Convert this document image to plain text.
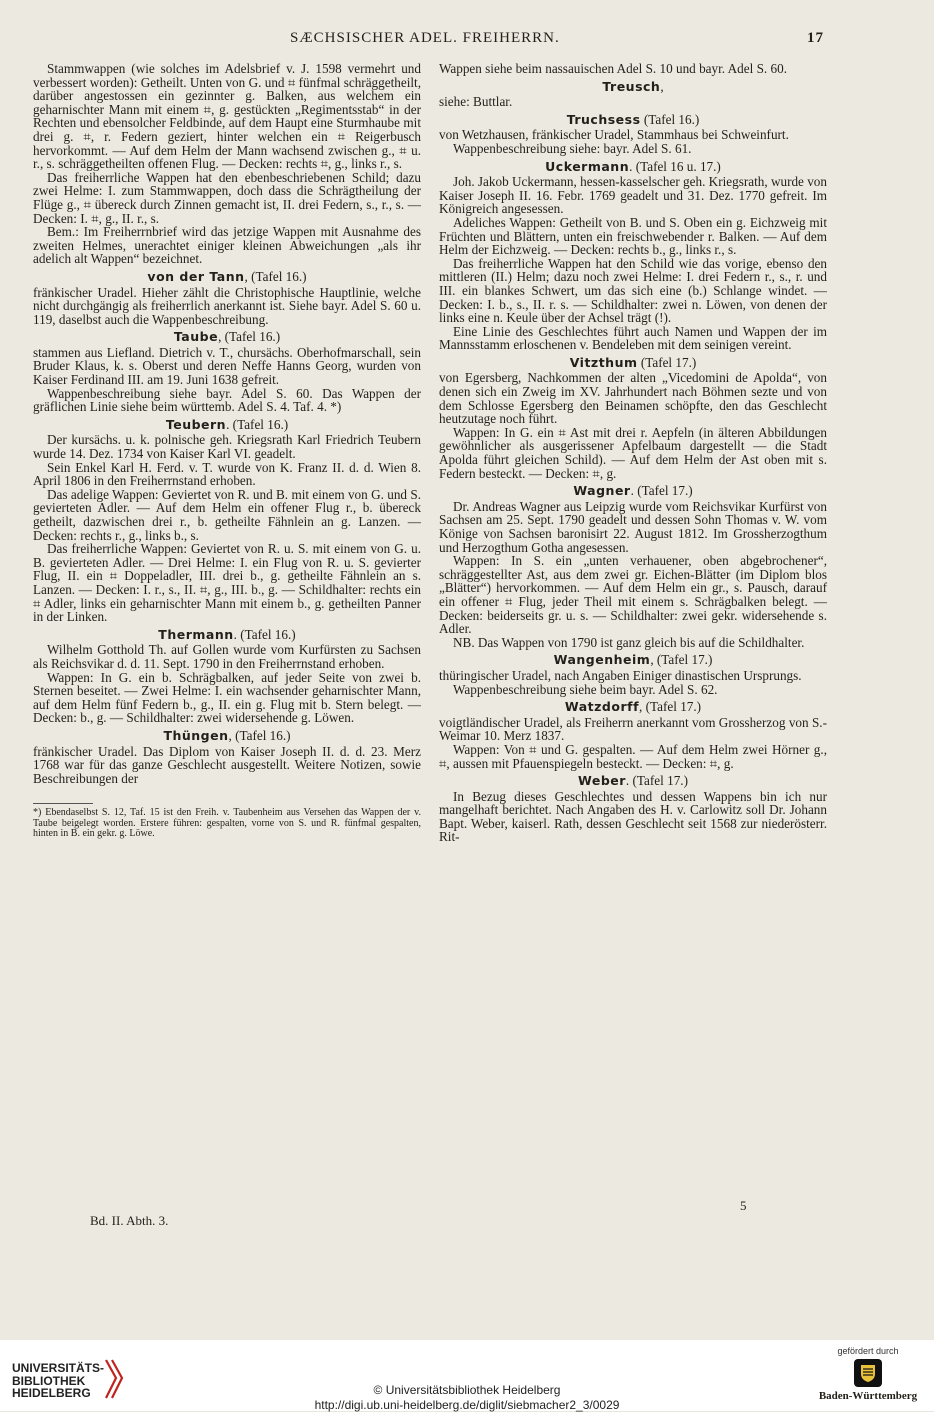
SÆCHSISCHER ADEL. FREIHERRN.	17

Stammwappen (wie solches im Adelsbrief v. J. 1598 vermehrt und verbessert worden): Getheilt. Unten von G. und ⌗ fünfmal schräggetheilt, darüber angestossen ein gezinnter g. Balken, aus welchem ein geharnischter Mann mit einem ⌗, g. gestückten „Regimentsstab“ in der Rechten und ebensolcher Feldbinde, auf dem Haupt eine Sturmhaube mit drei g. ⌗, r. Federn geziert, hinter welchen ein ⌗ Reigerbusch hervorkommt. — Auf dem Helm der Mann wachsend zwischen g., ⌗ u. r., s. schräggetheilten offenen Flug. — Decken: rechts ⌗, g., links r., s.

Das freiherrliche Wappen hat den ebenbeschriebenen Schild; dazu zwei Helme: I. zum Stammwappen, doch dass die Schrägtheilung der Flüge g., ⌗ übereck durch Zinnen gemacht ist, II. drei Federn, s., r., s. — Decken: I. ⌗, g., II. r., s.

Bem.: Im Freiherrnbrief wird das jetzige Wappen mit Ausnahme des zweiten Helmes, unerachtet einiger kleinen Abweichungen „als ihr adelich alt Wappen“ bezeichnet.

von der Tann, (Tafel 16.)

fränkischer Uradel. Hieher zählt die Christophische Hauptlinie, welche nicht durchgängig als freiherrlich anerkannt ist. Siehe bayr. Adel S. 60 u. 119, daselbst auch die Wappenbeschreibung.

Taube, (Tafel 16.)

stammen aus Liefland. Dietrich v. T., chursächs. Oberhofmarschall, sein Bruder Klaus, k. s. Oberst und deren Neffe Hanns Georg, wurden von Kaiser Ferdinand III. am 19. Juni 1638 gefreit.

Wappenbeschreibung siehe bayr. Adel S. 60. Das Wappen der gräflichen Linie siehe beim württemb. Adel S. 4. Taf. 4. *)

Teubern. (Tafel 16.)

Der kursächs. u. k. polnische geh. Kriegsrath Karl Friedrich Teubern wurde 14. Dez. 1734 von Kaiser Karl VI. geadelt.

Sein Enkel Karl H. Ferd. v. T. wurde von K. Franz II. d. d. Wien 8. April 1806 in den Freiherrnstand erhoben.

Das adelige Wappen: Geviertet von R. und B. mit einem von G. und S. gevierteten Adler. — Auf dem Helm ein offener Flug r., b. übereck getheilt, dazwischen drei r., b. getheilte Fähnlein an g. Lanzen. — Decken: rechts r., g., links b., s.

Das freiherrliche Wappen: Geviertet von R. u. S. mit einem von G. u. B. gevierteten Adler. — Drei Helme: I. ein Flug von R. u. S. gevierter Flug, II. ein ⌗ Doppeladler, III. drei b., g. getheilte Fähnlein an s. Lanzen. — Decken: I. r., s., II. ⌗, g., III. b., g. — Schildhalter: rechts ein ⌗ Adler, links ein geharnischter Mann mit einem b., g. getheilten Panner in der Linken.

Thermann. (Tafel 16.)

Wilhelm Gotthold Th. auf Gollen wurde vom Kurfürsten zu Sachsen als Reichsvikar d. d. 11. Sept. 1790 in den Freiherrnstand erhoben.

Wappen: In G. ein b. Schrägbalken, auf jeder Seite von zwei b. Sternen beseitet. — Zwei Helme: I. ein wachsender geharnischter Mann, auf dem Helm fünf Federn b., g., II. ein g. Flug mit b. Stern belegt. — Decken: b., g. — Schildhalter: zwei widersehende g. Löwen.

Thüngen, (Tafel 16.)

fränkischer Uradel. Das Diplom von Kaiser Joseph II. d. d. 23. Merz 1768 war für das ganze Geschlecht ausgestellt. Weitere Notizen, sowie Beschreibungen der

*) Ebendaselbst S. 12, Taf. 15 ist den Freih. v. Taubenheim aus Versehen das Wappen der v. Taube beigelegt worden. Erstere führen: gespalten, vorne von S. und R. fünfmal gespalten, hinten in B. ein gekr. g. Löwe.

Wappen siehe beim nassauischen Adel S. 10 und bayr. Adel S. 60.

Treusch,

siehe: Buttlar.

Truchsess (Tafel 16.)

von Wetzhausen, fränkischer Uradel, Stammhaus bei Schweinfurt.

Wappenbeschreibung siehe: bayr. Adel S. 61.

Uckermann. (Tafel 16 u. 17.)

Joh. Jakob Uckermann, hessen-kasselscher geh. Kriegsrath, wurde von Kaiser Joseph II. 16. Febr. 1769 geadelt und 31. Dez. 1770 gefreit. Im Königreich angesessen.

Adeliches Wappen: Getheilt von B. und S. Oben ein g. Eichzweig mit Früchten und Blättern, unten ein freischwebender r. Balken. — Auf dem Helm der Eichzweig. — Decken: rechts b., g., links r., s.

Das freiherrliche Wappen hat den Schild wie das vorige, ebenso den mittleren (II.) Helm; dazu noch zwei Helme: I. drei Federn r., s., r. und III. ein blankes Schwert, um das sich eine (b.) Schlange windet. — Decken: I. b., s., II. r. s. — Schildhalter: zwei n. Löwen, von denen der links eine n. Keule über der Achsel trägt (!).

Eine Linie des Geschlechtes führt auch Namen und Wappen der im Mannsstamm erloschenen v. Bendeleben mit dem seinigen vereint.

Vitzthum (Tafel 17.)

von Egersberg, Nachkommen der alten „Vicedomini de Apolda“, von denen sich ein Zweig im XV. Jahrhundert nach Böhmen sezte und von dem Schlosse Egersberg den Beinamen schöpfte, den das Geschlecht heutzutage noch führt.

Wappen: In G. ein ⌗ Ast mit drei r. Aepfeln (in älteren Abbildungen gewöhnlicher als ausgerissener Apfelbaum dargestellt — die Stadt Apolda führt gleichen Schild). — Auf dem Helm der Ast oben mit s. Federn besteckt. — Decken: ⌗, g.

Wagner. (Tafel 17.)

Dr. Andreas Wagner aus Leipzig wurde vom Reichsvikar Kurfürst von Sachsen am 25. Sept. 1790 geadelt und dessen Sohn Thomas v. W. vom Könige von Sachsen baronisirt 22. August 1812. Im Grossherzogthum und Herzogthum Gotha angesessen.

Wappen: In S. ein „unten verhauener, oben abgebrochener“, schräggestellter Ast, aus dem zwei gr. Eichen-Blätter (im Diplom blos „Blätter“) hervorkommen. — Auf dem Helm ein gr., s. Pausch, darauf ein offener ⌗ Flug, jeder Theil mit einem s. Schrägbalken belegt. — Decken: beiderseits gr. u. s. — Schildhalter: zwei gekr. widersehende s. Adler.

NB. Das Wappen von 1790 ist ganz gleich bis auf die Schildhalter.

Wangenheim, (Tafel 17.)

thüringischer Uradel, nach Angaben Einiger dinastischen Ursprungs.

Wappenbeschreibung siehe beim bayr. Adel S. 62.

Watzdorff, (Tafel 17.)

voigtländischer Uradel, als Freiherrn anerkannt vom Grossherzog von S.-Weimar 10. Merz 1837.

Wappen: Von ⌗ und G. gespalten. — Auf dem Helm zwei Hörner g., ⌗, aussen mit Pfauenspiegeln besteckt. — Decken: ⌗, g.

Weber. (Tafel 17.)

In Bezug dieses Geschlechtes und dessen Wappens bin ich nur mangelhaft berichtet. Nach Angaben des H. v. Carlowitz soll Dr. Johann Bapt. Weber, kaiserl. Rath, dessen Geschlecht seit 1568 zur niederösterr. Rit-

Bd. II. Abth. 3.
5
UNIVERSITÄTS-
BIBLIOTHEK
HEIDELBERG	© Universitätsbibliothek Heidelberg
http://digi.ub.uni-heidelberg.de/diglit/siebmacher2_3/0029
gefördert durch
Baden-Württemberg
